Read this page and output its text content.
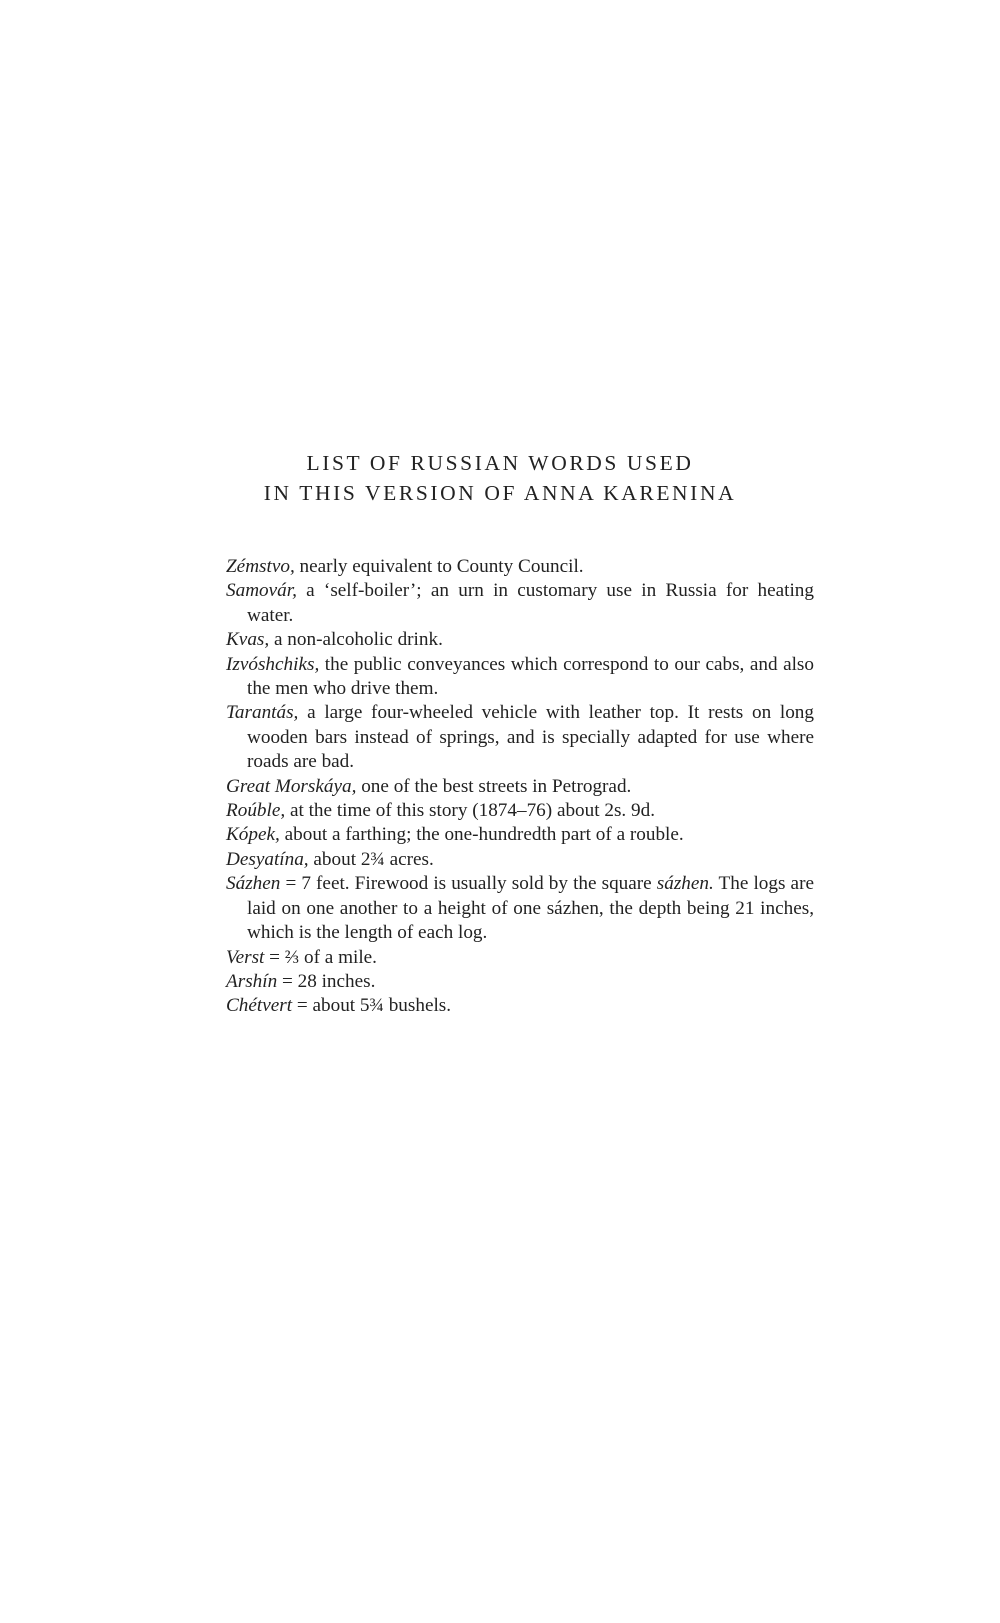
LIST OF RUSSIAN WORDS USED
IN THIS VERSION OF ANNA KARENINA
Zémstvo, nearly equivalent to County Council.
Samovár, a ‘self-boiler’; an urn in customary use in Russia for heating water.
Kvas, a non-alcoholic drink.
Izvóshchiks, the public conveyances which correspond to our cabs, and also the men who drive them.
Tarantás, a large four-wheeled vehicle with leather top. It rests on long wooden bars instead of springs, and is specially adapted for use where roads are bad.
Great Morskáya, one of the best streets in Petrograd.
Roúble, at the time of this story (1874–76) about 2s. 9d.
Kópek, about a farthing; the one-hundredth part of a rouble.
Desyatína, about 2¾ acres.
Sázhen = 7 feet. Firewood is usually sold by the square sázhen. The logs are laid on one another to a height of one sázhen, the depth being 21 inches, which is the length of each log.
Verst = ⅔ of a mile.
Arshín = 28 inches.
Chétvert = about 5¾ bushels.
